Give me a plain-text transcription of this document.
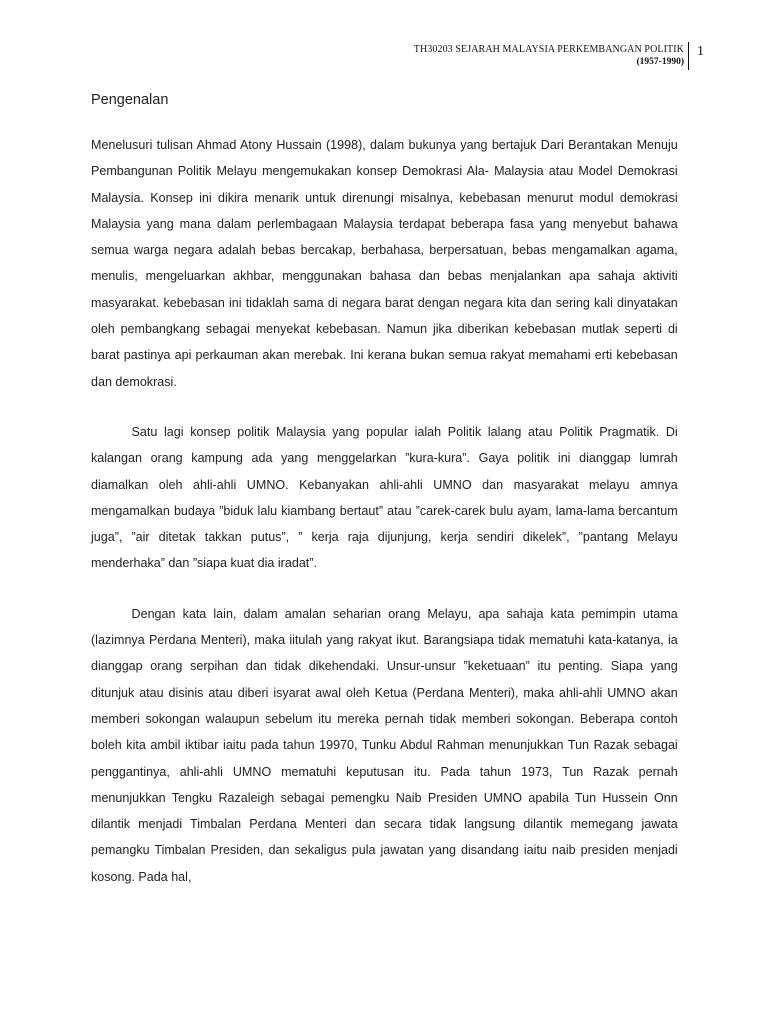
TH30203 SEJARAH MALAYSIA PERKEMBANGAN POLITIK
(1957-1990)
1
Pengenalan

Menelusuri tulisan Ahmad Atony Hussain (1998), dalam bukunya yang bertajuk Dari Berantakan Menuju Pembangunan Politik Melayu mengemukakan konsep Demokrasi Ala- Malaysia atau Model Demokrasi Malaysia. Konsep ini dikira menarik untuk direnungi misalnya, kebebasan menurut modul demokrasi Malaysia yang mana dalam perlembagaan Malaysia terdapat beberapa fasa yang menyebut bahawa semua warga negara adalah bebas bercakap, berbahasa, berpersatuan, bebas mengamalkan agama, menulis, mengeluarkan akhbar, menggunakan bahasa dan bebas menjalankan apa sahaja aktiviti masyarakat. kebebasan ini tidaklah sama di negara barat dengan negara kita dan sering kali dinyatakan oleh pembangkang sebagai menyekat kebebasan. Namun jika diberikan kebebasan mutlak seperti di barat pastinya api perkauman akan merebak. Ini kerana bukan semua rakyat memahami erti kebebasan dan demokrasi.

Satu lagi konsep politik Malaysia yang popular ialah Politik lalang atau Politik Pragmatik. Di kalangan orang kampung ada yang menggelarkan ”kura-kura”. Gaya politik ini dianggap lumrah diamalkan oleh ahli-ahli UMNO. Kebanyakan ahli-ahli UMNO dan masyarakat melayu amnya mengamalkan budaya ”biduk lalu kiambang bertaut” atau ”carek-carek bulu ayam, lama-lama bercantum juga”, ”air ditetak takkan putus”, ” kerja raja dijunjung, kerja sendiri dikelek”, ”pantang Melayu menderhaka” dan ”siapa kuat dia iradat”.

Dengan kata lain, dalam amalan seharian orang Melayu, apa sahaja kata pemimpin utama (lazimnya Perdana Menteri), maka iitulah yang rakyat ikut. Barangsiapa tidak mematuhi kata-katanya, ia dianggap orang serpihan dan tidak dikehendaki. Unsur-unsur ”keketuaan” itu penting. Siapa yang ditunjuk atau disinis atau diberi isyarat awal oleh Ketua (Perdana Menteri), maka ahli-ahli UMNO akan memberi sokongan walaupun sebelum itu mereka pernah tidak memberi sokongan. Beberapa contoh boleh kita ambil iktibar iaitu pada tahun 19970, Tunku Abdul Rahman menunjukkan Tun Razak sebagai penggantinya, ahli-ahli UMNO mematuhi keputusan itu. Pada tahun 1973, Tun Razak pernah menunjukkan Tengku Razaleigh sebagai pemengku Naib Presiden UMNO apabila Tun Hussein Onn dilantik menjadi Timbalan Perdana Menteri dan secara tidak langsung dilantik memegang jawata pemangku Timbalan Presiden, dan sekaligus pula jawatan yang disandang iaitu naib presiden menjadi kosong. Pada hal,
